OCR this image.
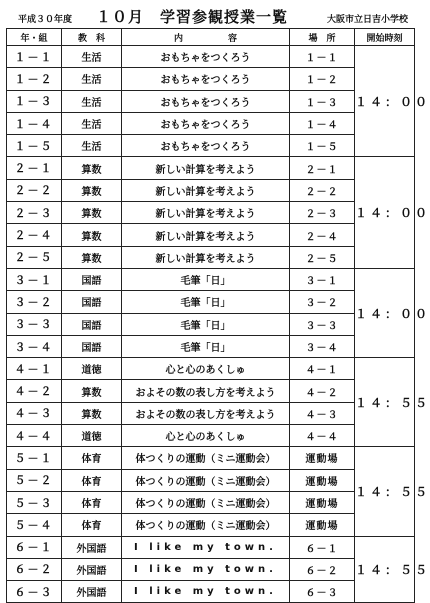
平成３０年度 １０月　学習参観授業一覧	大阪市立日吉小学校
年・組	教　科	内　　　　　容	場　所	開始時刻
１－１	生活	おもちゃをつくろう	１－１	１４：００
１－２	生活	おもちゃをつくろう	１－２	
１－３	生活	おもちゃをつくろう	１－３	
１－４	生活	おもちゃをつくろう	１－４	
１－５	生活	おもちゃをつくろう	１－５	
２－１	算数	新しい計算を考えよう	２－１	１４：００
２－２	算数	新しい計算を考えよう	２－２	
２－３	算数	新しい計算を考えよう	２－３	
２－４	算数	新しい計算を考えよう	２－４	
２－５	算数	新しい計算を考えよう	２－５	
３－１	国語	毛筆「日」	３－１	１４：００
３－２	国語	毛筆「日」	３－２	
３－３	国語	毛筆「日」	３－３	
３－４	国語	毛筆「日」	３－４	
４－１	道徳	心と心のあくしゅ	４－１	１４：５５
４－２	算数	およその数の表し方を考えよう	４－２	
４－３	算数	およその数の表し方を考えよう	４－３	
４－４	道徳	心と心のあくしゅ	４－４	
５－１	体育	体つくりの運動（ミニ運動会）	運動場	１４：５５
５－２	体育	体つくりの運動（ミニ運動会）	運動場	
５－３	体育	体つくりの運動（ミニ運動会）	運動場	
５－４	体育	体つくりの運動（ミニ運動会）	運動場	
６－１	外国語	I like my town.	６－１	１４：５５
６－２	外国語	I like my town.	６－２	
６－３	外国語	I like my town.	６－３	
